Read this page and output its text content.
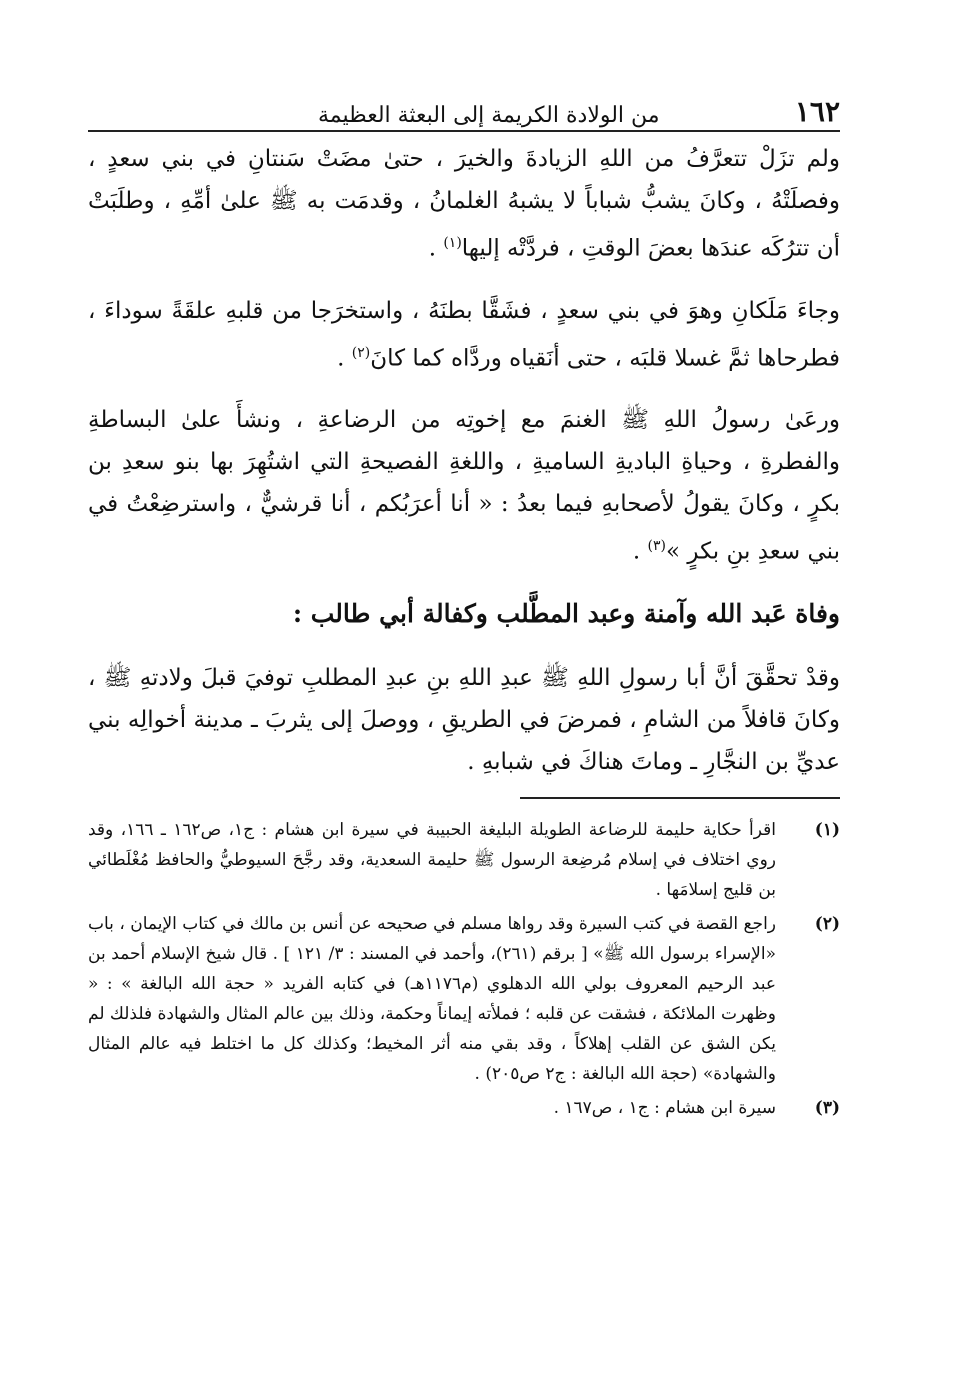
١٦٢
من الولادة الكريمة إلى البعثة العظيمة

ولم تزَلْ تتعرَّفُ من اللهِ الزيادةَ والخيرَ ، حتىٰ مضَتْ سَنتانِ في بني سعدٍ ، وفصلَتْهُ ، وكانَ يشبُّ شباباً لا يشبهُ الغلمانُ ، وقدمَت به ﷺ علىٰ أمِّهِ ، وطلَبَتْ أن تترُكَه عندَها بعضَ الوقتِ ، فردَّتْه إليها$^{(١)}$ .

وجاءَ مَلَكانِ وهوَ في بني سعدٍ ، فشَقَّا بطنَهُ ، واستخرَجا من قلبهِ علقَةً سوداءَ ، فطرحاها ثمَّ غسلا قلبَه ، حتى أنَقياه وردَّاه كما كانَ$^{(٢)}$ .

ورعَىٰ رسولُ اللهِ ﷺ الغنمَ مع إخوتِه من الرضاعةِ ، ونشأَ علىٰ البساطةِ والفطرةِ ، وحياةِ الباديةِ الساميةِ ، واللغةِ الفصيحةِ التي اشتُهِرَ بها بنو سعدِ بن بكرٍ ، وكانَ يقولُ لأصحابهِ فيما بعدُ : « أنا أعرَبُكم ، أنا قرشيٌّ ، واسترضِعْتُ في بني سعدِ بنِ بكرٍ »$^{(٣)}$ .

وفاة عَبد الله وآمنة وعبد المطَّلب وكفالة أبي طالب :

وقدْ تحقَّقَ أنَّ أبا رسولِ اللهِ ﷺ عبدِ اللهِ بنِ عبدِ المطلبِ توفيَ قبلَ ولادتهِ ﷺ ، وكانَ قافلاً من الشامِ ، فمرضَ في الطريقِ ، ووصلَ إلى يثربَ ـ مدينة أخوالِه بني عديِّ بن النجَّارِ ـ وماتَ هناكَ في شبابهِ .

(١)
اقرأ حكاية حليمة للرضاعة الطويلة البليغة الحبيبة في سيرة ابن هشام : ج١، ص١٦٢ ـ ١٦٦، وقد روي اختلاف في إسلام مُرضِعة الرسول ﷺ حليمة السعدية، وقد رجَّحَ السيوطيُّ والحافظ مُغْلَطائي بن قليج إسلامَها .
(٢)
راجع القصة في كتب السيرة وقد رواها مسلم في صحيحه عن أنس بن مالك في كتاب الإيمان ، باب «الإسراء برسول الله ﷺ» [ برقم (٢٦١)، وأحمد في المسند : ٣/ ١٢١ ] . قال شيخ الإسلام أحمد بن عبد الرحيم المعروف بولي الله الدهلوي (م١١٧٦هـ) في كتابه الفريد « حجة الله البالغة » : « وظهرت الملائكة ، فشقت عن قلبه ؛ فملأته إيماناً وحكمة، وذلك بين عالم المثال والشهادة فلذلك لم يكن الشق عن القلب إهلاكاً ، وقد بقي منه أثر المخيط؛ وكذلك كل ما اختلط فيه عالم المثال والشهادة» (حجة الله البالغة : ج٢ ص٢٠٥) .
(٣)
سيرة ابن هشام : ج١ ، ص١٦٧ .
